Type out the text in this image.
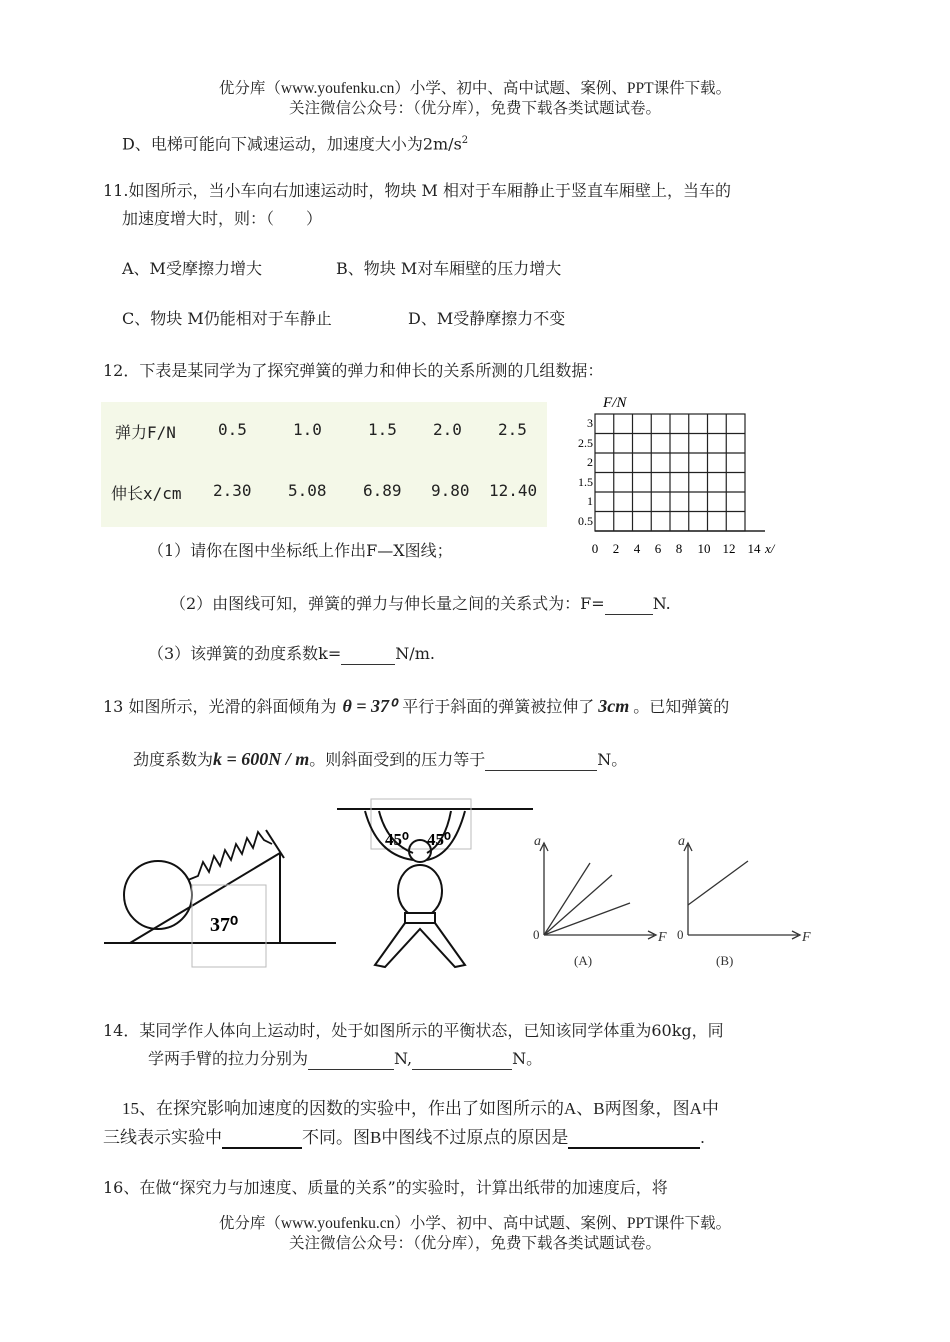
优分库（www.youfenku.cn）小学、初中、高中试题、案例、PPT课件下载。
关注微信公众号：（优分库），免费下载各类试题试卷。
D、电梯可能向下减速运动，加速度大小为$2m/s^2$
11.如图所示，当小车向右加速运动时，物块 M 相对于车厢静止于竖直车厢壁上，当车的
加速度增大时，则：（　　）
A、M受摩擦力增大	B、物块 M对车厢壁的压力增大
C、物块 M仍能相对于车静止	D、M受静摩擦力不变
12．下表是某同学为了探究弹簧的弹力和伸长的关系所测的几组数据：
弹力F/N	0.5	1.0	1.5 2.0 2.5
伸长x/cm 2.30 5.08 6.89 9.80 12.40
F/N
3
2.5
2
1.5
1
0.5
0 2 4 6 8 10 12 14 x/
（1）请你在图中坐标纸上作出F—X图线；
（2）由图线可知，弹簧的弹力与伸长量之间的关系式为：F=	N.
（3）该弹簧的劲度系数k=	N/m.
13 如图所示，光滑的斜面倾角为 θ = 37⁰ 平行于斜面的弹簧被拉伸了 3cm 。已知弹簧的
劲度系数为k = 600N / m。则斜面受到的压力等于	N。
37⁰
45⁰ 45⁰	a
F
a
F
0	0
(A)	(B)
14．某同学作人体向上运动时，处于如图所示的平衡状态，已知该同学体重为60kg，同
学两手臂的拉力分别为	N,	N。
15、在探究影响加速度的因数的实验中，作出了如图所示的A、B两图象，图A中
三线表示实验中	不同。图B中图线不过原点的原因是	.
16、在做“探究力与加速度、质量的关系”的实验时，计算出纸带的加速度后，将
优分库（www.youfenku.cn）小学、初中、高中试题、案例、PPT课件下载。
关注微信公众号：（优分库），免费下载各类试题试卷。
